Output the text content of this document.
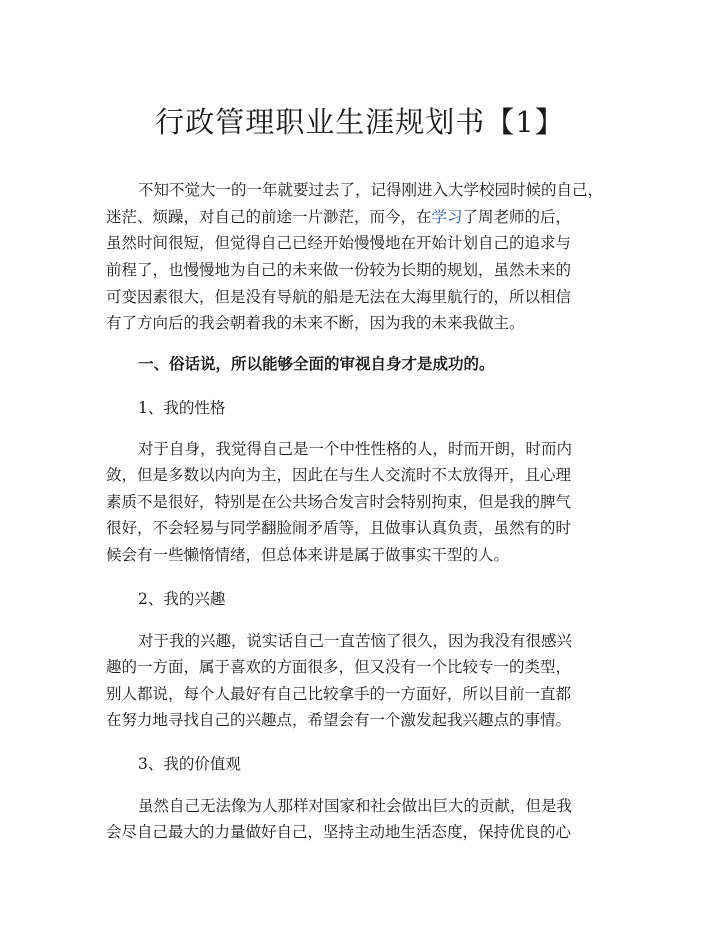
行政管理职业生涯规划书【1】

不知不觉大一的一年就要过去了，记得刚进入大学校园时候的自己，

迷茫、烦躁，对自己的前途一片渺茫，而今，在学习了周老师的后，

虽然时间很短，但觉得自己已经开始慢慢地在开始计划自己的追求与

前程了，也慢慢地为自己的未来做一份较为长期的规划，虽然未来的

可变因素很大，但是没有导航的船是无法在大海里航行的，所以相信

有了方向后的我会朝着我的未来不断，因为我的未来我做主。

一、俗话说，所以能够全面的审视自身才是成功的。

1、我的性格

对于自身，我觉得自己是一个中性性格的人，时而开朗，时而内

敛，但是多数以内向为主，因此在与生人交流时不太放得开，且心理

素质不是很好，特别是在公共场合发言时会特别拘束，但是我的脾气

很好，不会轻易与同学翻脸闹矛盾等，且做事认真负责，虽然有的时

候会有一些懒惰情绪，但总体来讲是属于做事实干型的人。

2、我的兴趣

对于我的兴趣，说实话自己一直苦恼了很久，因为我没有很感兴

趣的一方面，属于喜欢的方面很多，但又没有一个比较专一的类型，

别人都说，每个人最好有自己比较拿手的一方面好，所以目前一直都

在努力地寻找自己的兴趣点，希望会有一个激发起我兴趣点的事情。

3、我的价值观

虽然自己无法像为人那样对国家和社会做出巨大的贡献，但是我

会尽自己最大的力量做好自己，坚持主动地生活态度，保持优良的心
